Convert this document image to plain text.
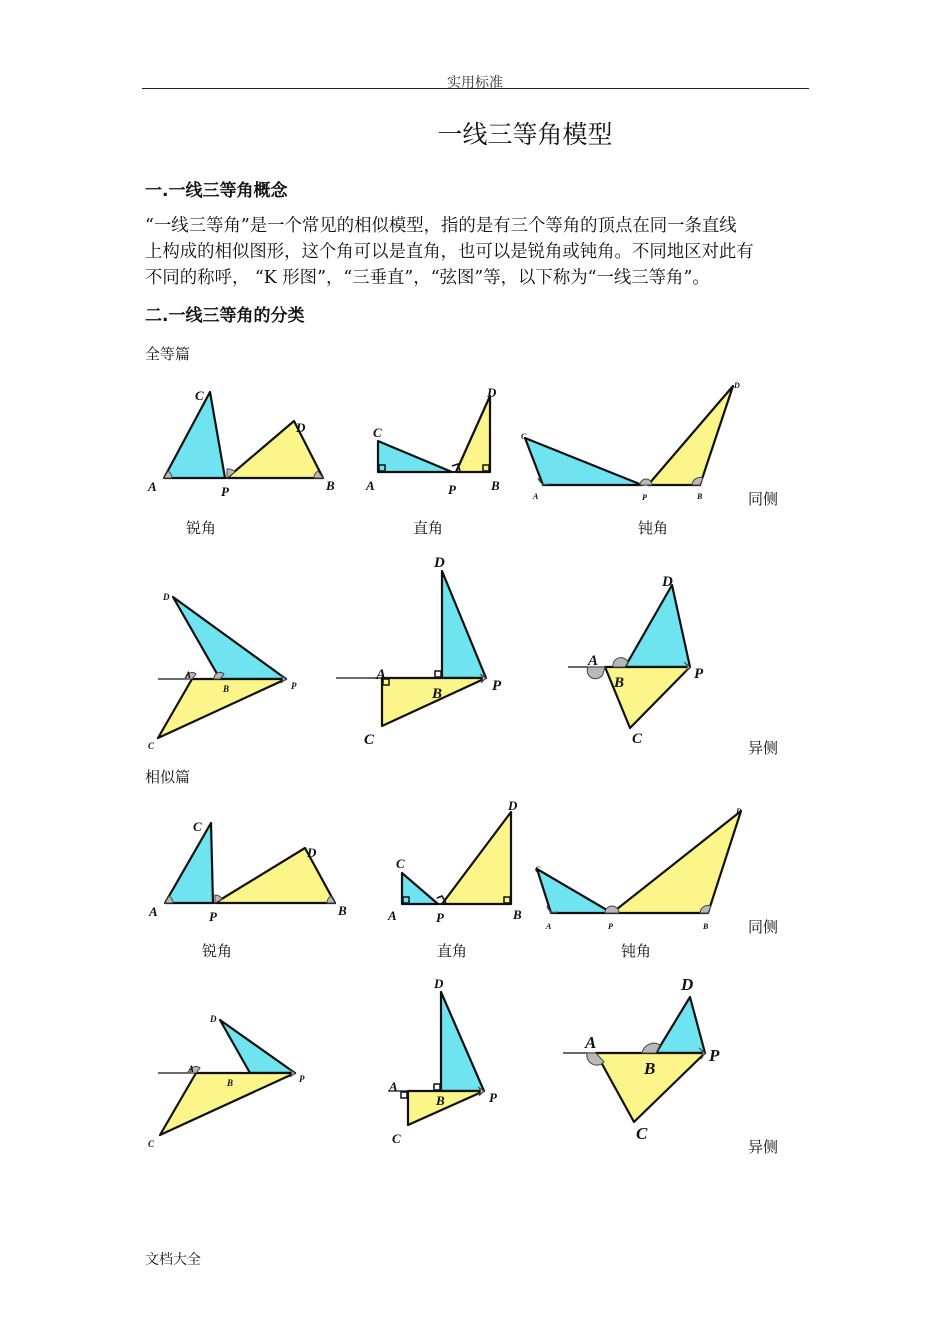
实用标准
一线三等角模型
一.一线三等角概念

“一线三等角”是一个常见的相似模型，指的是有三个等角的顶点在同一条直线

上构成的相似图形，这个角可以是直角，也可以是锐角或钝角。不同地区对此有

不同的称呼， “K 形图”，“三垂直”，“弦图”等，以下称为“一线三等角”。

二.一线三等角的分类
全等篇
锐角	直角	钝角
同侧
异侧
相似篇
锐角	直角	钝角
同侧
异侧
A
C
P
D
B
C
D
A	P	B
C
D
A	P	B
D
A
B	P
C
D
A
B	P
C
D
A
B
P
C
C
D
A	P	B
C
D
A	P	B
C
D
A	P	B
D
A
B	P
C
D
A
B	P
C
D
A
B
P
C
文档大全
